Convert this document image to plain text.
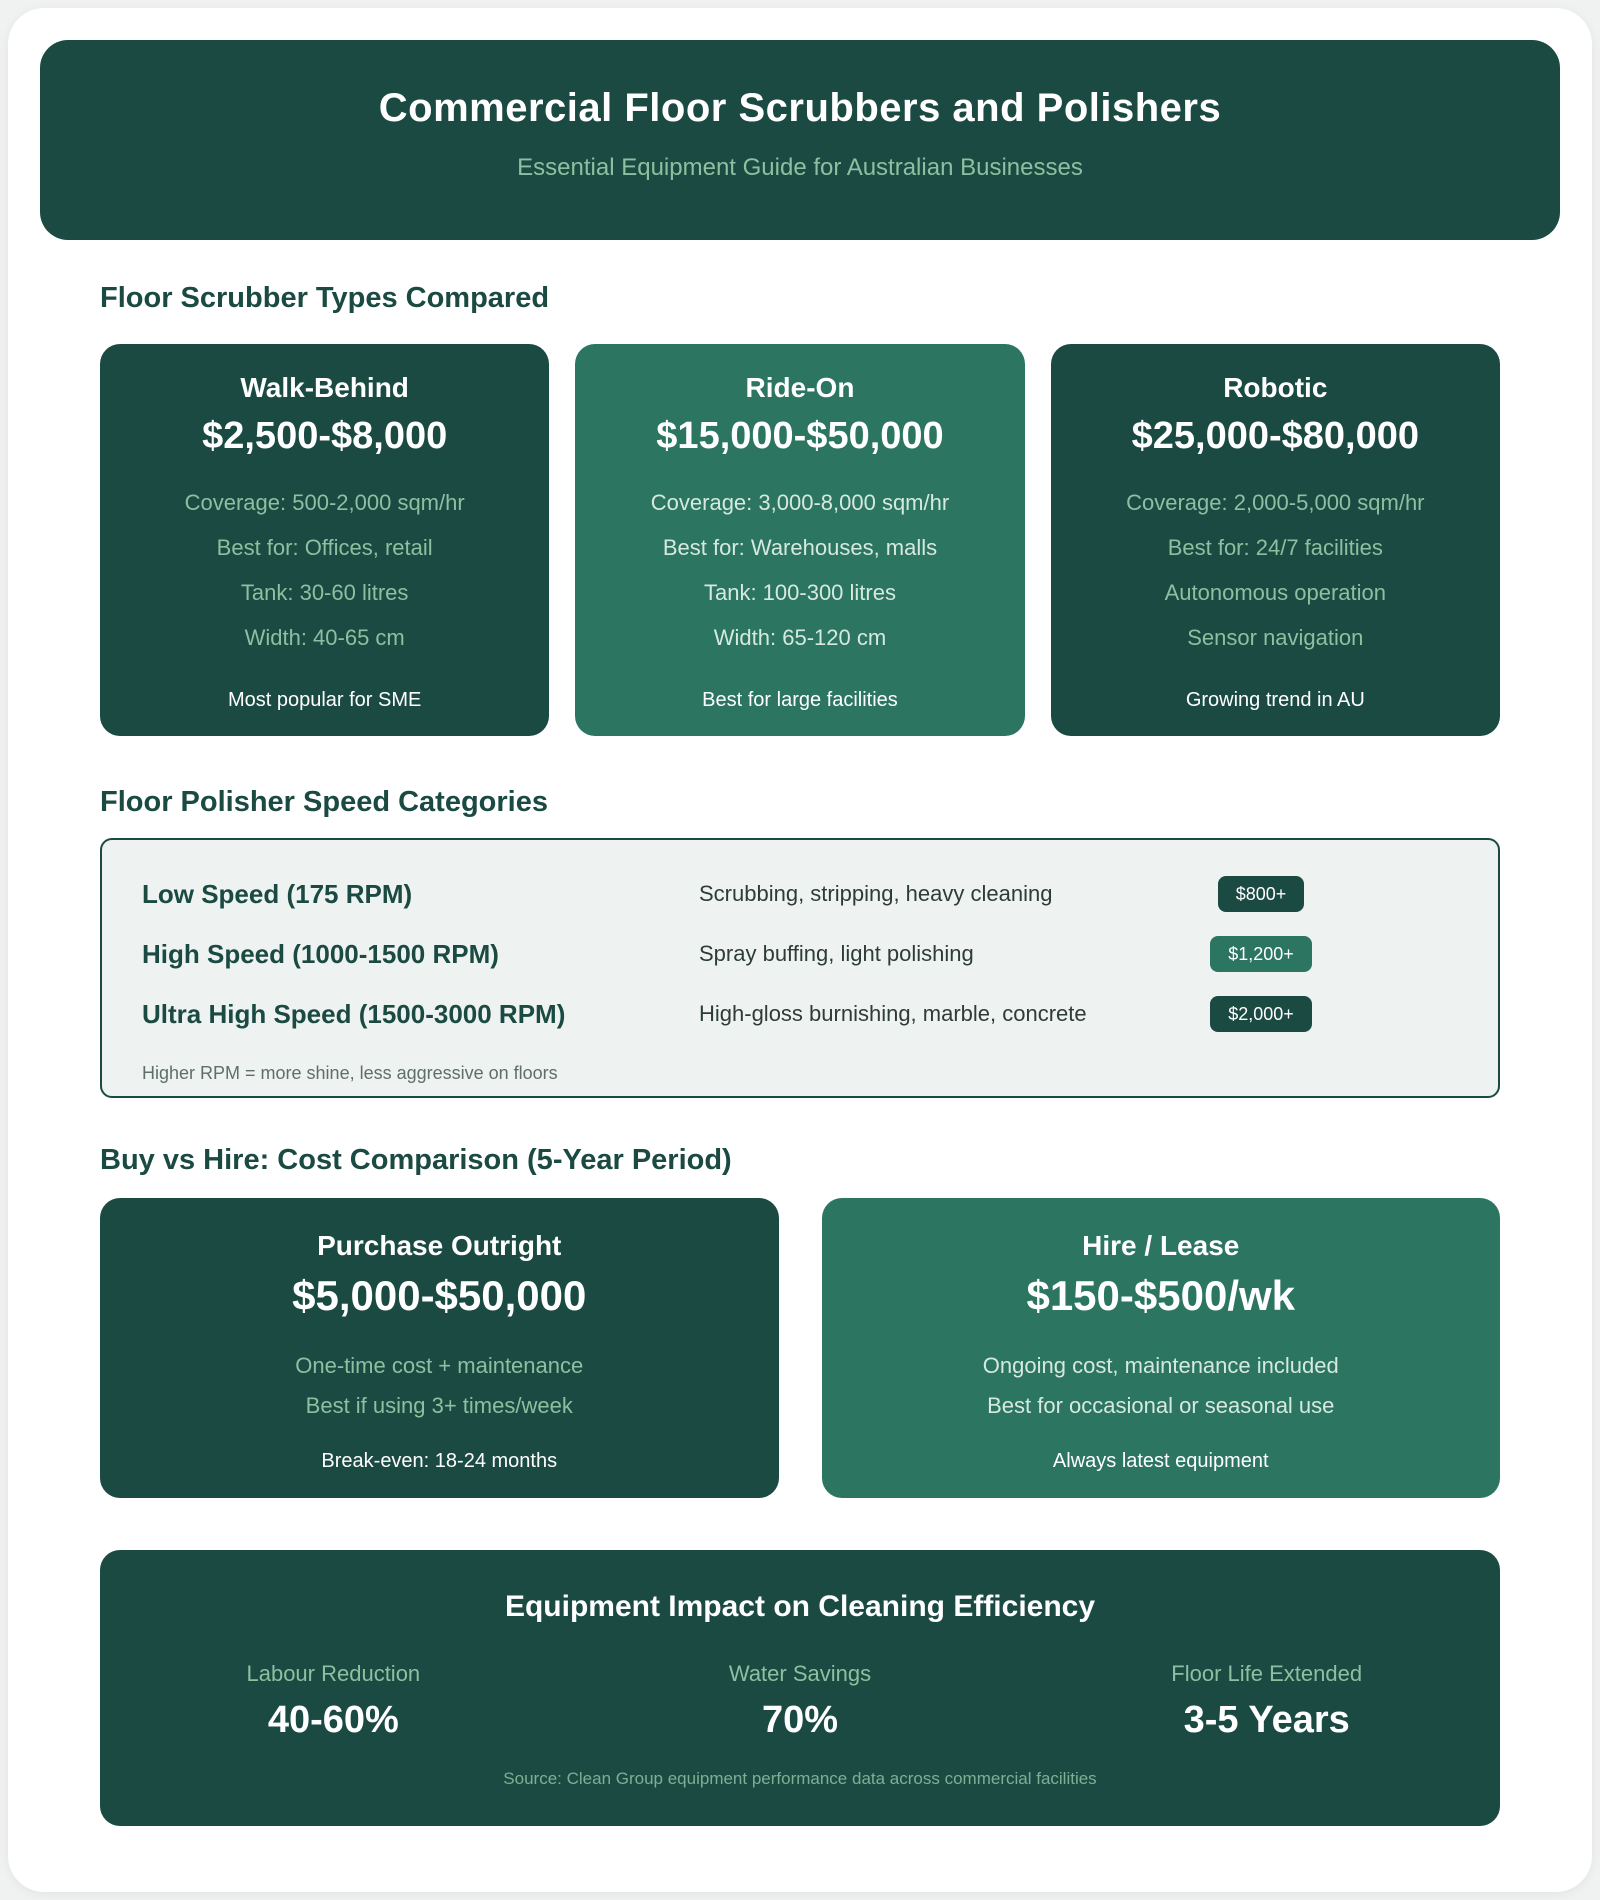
Commercial Floor Scrubbers and Polishers
Essential Equipment Guide for Australian Businesses
Floor Scrubber Types Compared
Walk-Behind
$2,500-$8,000
Coverage: 500-2,000 sqm/hr
Best for: Offices, retail
Tank: 30-60 litres
Width: 40-65 cm
Most popular for SME
Ride-On
$15,000-$50,000
Coverage: 3,000-8,000 sqm/hr
Best for: Warehouses, malls
Tank: 100-300 litres
Width: 65-120 cm
Best for large facilities
Robotic
$25,000-$80,000
Coverage: 2,000-5,000 sqm/hr
Best for: 24/7 facilities
Autonomous operation
Sensor navigation
Growing trend in AU
Floor Polisher Speed Categories
Low Speed (175 RPM)	Scrubbing, stripping, heavy cleaning	$800+
High Speed (1000-1500 RPM)	Spray buffing, light polishing	$1,200+
Ultra High Speed (1500-3000 RPM)	High-gloss burnishing, marble, concrete	$2,000+
Higher RPM = more shine, less aggressive on floors
Buy vs Hire: Cost Comparison (5-Year Period)
Purchase Outright
$5,000-$50,000
One-time cost + maintenance
Best if using 3+ times/week
Break-even: 18-24 months
Hire / Lease
$150-$500/wk
Ongoing cost, maintenance included
Best for occasional or seasonal use
Always latest equipment
Equipment Impact on Cleaning Efficiency
Labour Reduction
40-60%
Water Savings
70%
Floor Life Extended
3-5 Years
Source: Clean Group equipment performance data across commercial facilities
